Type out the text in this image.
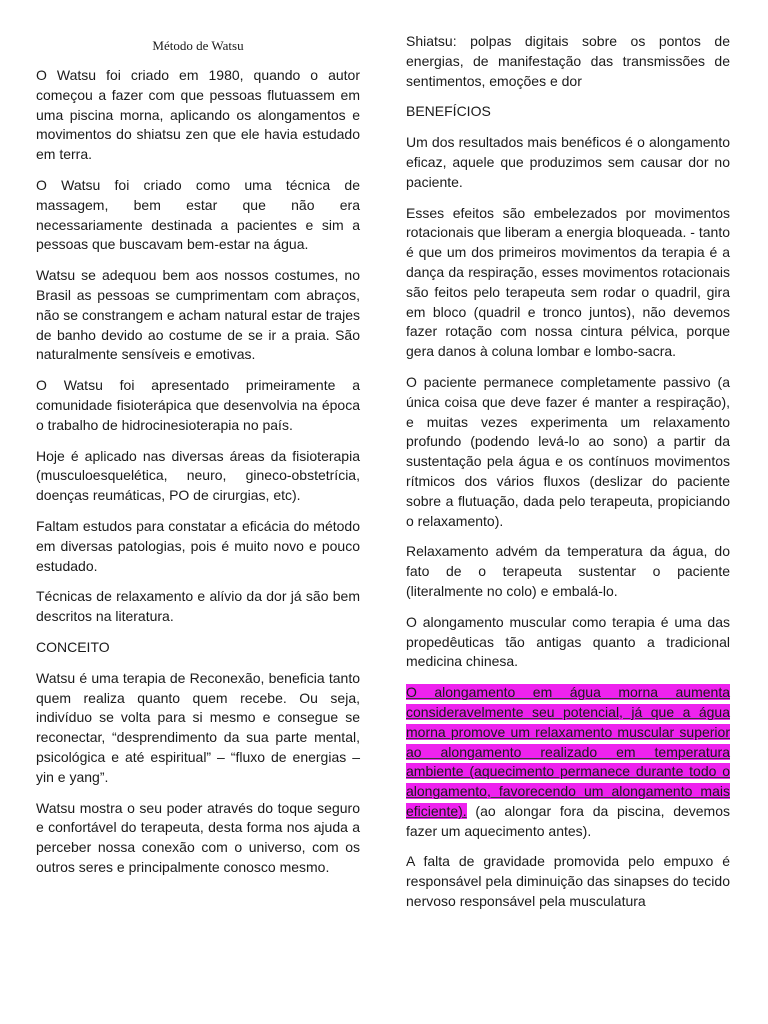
Método de Watsu

O Watsu foi criado em 1980, quando o autor começou a fazer com que pessoas flutuassem em uma piscina morna, aplicando os alongamentos e movimentos do shiatsu zen que ele havia estudado em terra.

O Watsu foi criado como uma técnica de massagem, bem estar que não era necessariamente destinada a pacientes e sim a pessoas que buscavam bem-estar na água.

Watsu se adequou bem aos nossos costumes, no Brasil as pessoas se cumprimentam com abraços, não se constrangem e acham natural estar de trajes de banho devido ao costume de se ir a praia. São naturalmente sensíveis e emotivas.

O Watsu foi apresentado primeiramente a comunidade fisioterápica que desenvolvia na época o trabalho de hidrocinesioterapia no país.

Hoje é aplicado nas diversas áreas da fisioterapia (musculoesquelética, neuro, gineco-obstetrícia, doenças reumáticas, PO de cirurgias, etc).

Faltam estudos para constatar a eficácia do método em diversas patologias, pois é muito novo e pouco estudado.

Técnicas de relaxamento e alívio da dor já são bem descritos na literatura.

CONCEITO

Watsu é uma terapia de Reconexão, beneficia tanto quem realiza quanto quem recebe. Ou seja, indivíduo se volta para si mesmo e consegue se reconectar, “desprendimento da sua parte mental, psicológica e até espiritual” – “fluxo de energias – yin e yang”.

Watsu mostra o seu poder através do toque seguro e confortável do terapeuta, desta forma nos ajuda a perceber nossa conexão com o universo, com os outros seres e principalmente conosco mesmo.

Shiatsu: polpas digitais sobre os pontos de energias, de manifestação das transmissões de sentimentos, emoções e dor

BENEFÍCIOS

Um dos resultados mais benéficos é o alongamento eficaz, aquele que produzimos sem causar dor no paciente.

Esses efeitos são embelezados por movimentos rotacionais que liberam a energia bloqueada. - tanto é que um dos primeiros movimentos da terapia é a dança da respiração, esses movimentos rotacionais são feitos pelo terapeuta sem rodar o quadril, gira em bloco (quadril e tronco juntos), não devemos fazer rotação com nossa cintura pélvica, porque gera danos à coluna lombar e lombo-sacra.

O paciente permanece completamente passivo (a única coisa que deve fazer é manter a respiração), e muitas vezes experimenta um relaxamento profundo (podendo levá-lo ao sono) a partir da sustentação pela água e os contínuos movimentos rítmicos dos vários fluxos (deslizar do paciente sobre a flutuação, dada pelo terapeuta, propiciando o relaxamento).

Relaxamento advém da temperatura da água, do fato de o terapeuta sustentar o paciente (literalmente no colo) e embalá-lo.

O alongamento muscular como terapia é uma das propedêuticas tão antigas quanto a tradicional medicina chinesa.

O alongamento em água morna aumenta consideravelmente seu potencial, já que a água morna promove um relaxamento muscular superior ao alongamento realizado em temperatura ambiente (aquecimento permanece durante todo o alongamento, favorecendo um alongamento mais eficiente). (ao alongar fora da piscina, devemos fazer um aquecimento antes).

A falta de gravidade promovida pelo empuxo é responsável pela diminuição das sinapses do tecido nervoso responsável pela musculatura
